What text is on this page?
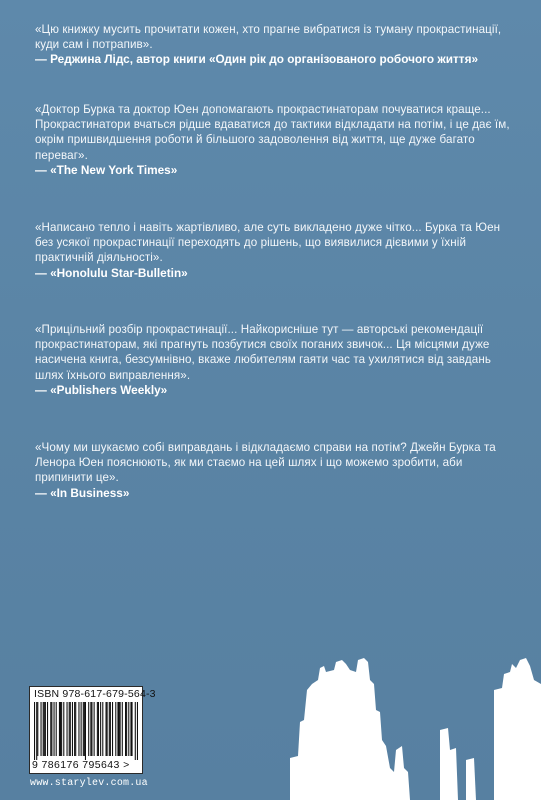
«Цю книжку мусить прочитати кожен, хто прагне вибратися із туману прокрастинації, куди сам і потрапив».

— Реджина Лідс, автор книги «Один рік до організованого робочого життя»

«Доктор Бурка та доктор Юен допомагають прокрастинаторам почуватися краще... Прокрастинатори вчаться рідше вдаватися до тактики відкладати на потім, і це дає їм, окрім пришвидшення роботи й більшого задоволення від життя, ще дуже багато переваг».

— «The New York Times»

«Написано тепло і навіть жартівливо, але суть викладено дуже чітко... Бурка та Юен без усякої прокрастинації переходять до рішень, що виявилися дієвими у їхній практичній діяльності».

— «Honolulu Star-Bulletin»

«Прицільний розбір прокрастинації... Найкорисніше тут — авторські рекомендації прокрастинаторам, які прагнуть позбутися своїх поганих звичок... Ця місцями дуже насичена книга, безсумнівно, вкаже любителям гаяти час та ухилятися від завдань шлях їхнього виправлення».

— «Publishers Weekly»

«Чому ми шукаємо собі виправдань і відкладаємо справи на потім? Джейн Бурка та Ленора Юен пояснюють, як ми стаємо на цей шлях і що можемо зробити, аби припинити це».

— «In Business»

ISBN 978-617-679-564-3
9 786176 795643 >
www.starylev.com.ua
